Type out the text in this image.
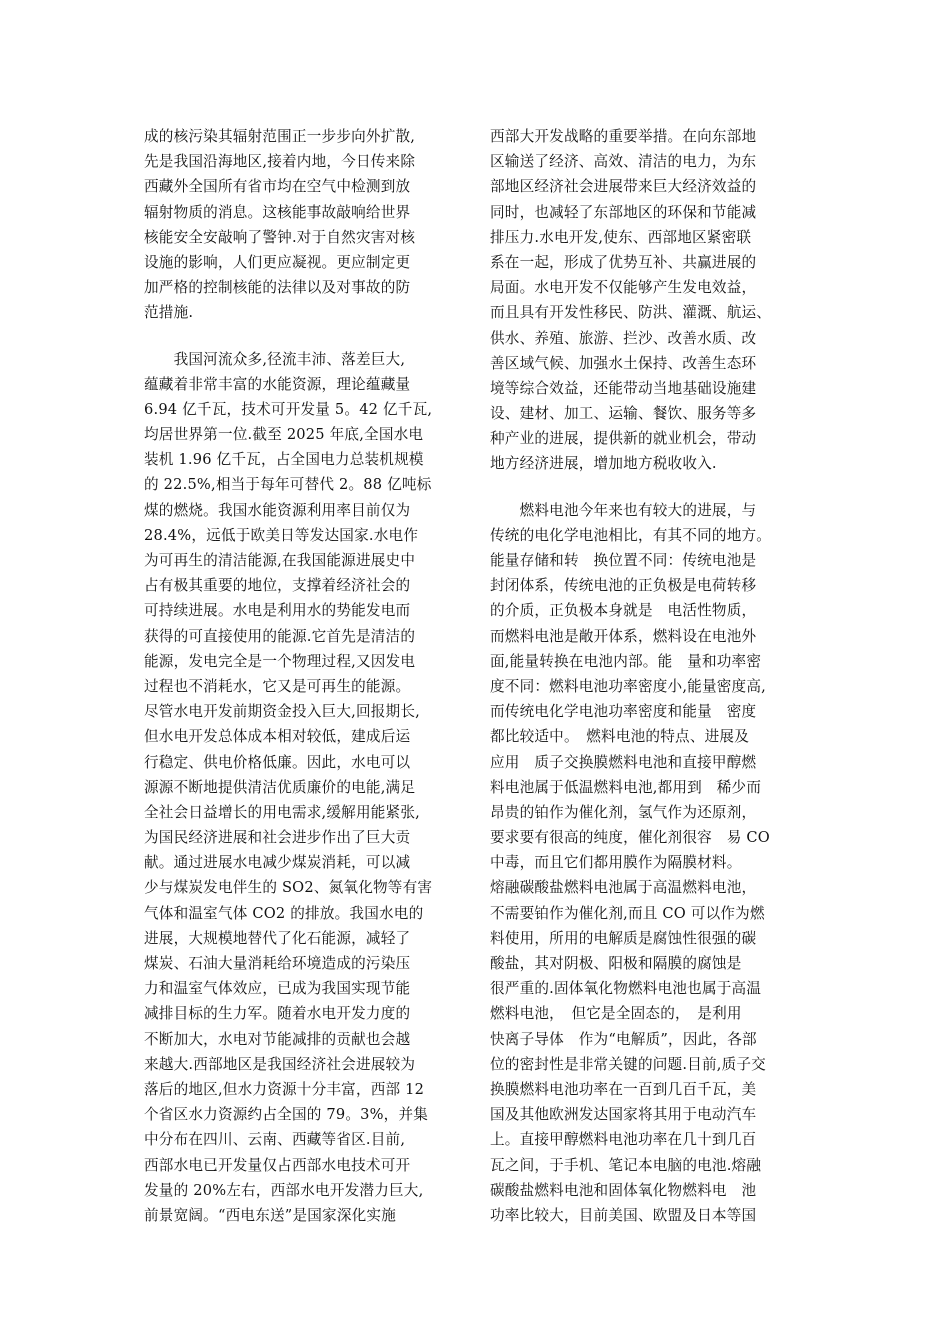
成的核污染其辐射范围正一步步向外扩散,
先是我国沿海地区,接着内地，今日传来除
西藏外全国所有省市均在空气中检测到放
辐射物质的消息。这核能事故敲响给世界
核能安全安敲响了警钟.对于自然灾害对核
设施的影响，人们更应凝视。更应制定更
加严格的控制核能的法律以及对事故的防
范措施.
　　我国河流众多,径流丰沛、落差巨大,
蕴藏着非常丰富的水能资源，理论蕴藏量
6.94 亿千瓦，技术可开发量 5。42 亿千瓦,
均居世界第一位.截至 2025 年底,全国水电
装机 1.96 亿千瓦，占全国电力总装机规模
的 22.5%,相当于每年可替代 2。88 亿吨标
煤的燃烧。我国水能资源利用率目前仅为
28.4%，远低于欧美日等发达国家.水电作
为可再生的清洁能源,在我国能源进展史中
占有极其重要的地位，支撑着经济社会的
可持续进展。水电是利用水的势能发电而
获得的可直接使用的能源.它首先是清洁的
能源，发电完全是一个物理过程,又因发电
过程也不消耗水，它又是可再生的能源。
尽管水电开发前期资金投入巨大,回报期长,
但水电开发总体成本相对较低，建成后运
行稳定、供电价格低廉。因此，水电可以
源源不断地提供清洁优质廉价的电能,满足
全社会日益增长的用电需求,缓解用能紧张,
为国民经济进展和社会进步作出了巨大贡
献。通过进展水电减少煤炭消耗，可以减
少与煤炭发电伴生的 SO2、氮氧化物等有害
气体和温室气体 CO2 的排放。我国水电的
进展，大规模地替代了化石能源，减轻了
煤炭、石油大量消耗给环境造成的污染压
力和温室气体效应，已成为我国实现节能
减排目标的生力军。随着水电开发力度的
不断加大，水电对节能减排的贡献也会越
来越大.西部地区是我国经济社会进展较为
落后的地区,但水力资源十分丰富，西部 12
个省区水力资源约占全国的 79。3%，并集
中分布在四川、云南、西藏等省区.目前,
西部水电已开发量仅占西部水电技术可开
发量的 20%左右，西部水电开发潜力巨大,
前景宽阔。“西电东送”是国家深化实施
西部大开发战略的重要举措。在向东部地
区输送了经济、高效、清洁的电力，为东
部地区经济社会进展带来巨大经济效益的
同时，也减轻了东部地区的环保和节能减
排压力.水电开发,使东、西部地区紧密联
系在一起，形成了优势互补、共赢进展的
局面。水电开发不仅能够产生发电效益，
而且具有开发性移民、防洪、灌溉、航运、
供水、养殖、旅游、拦沙、改善水质、改
善区域气候、加强水土保持、改善生态环
境等综合效益，还能带动当地基础设施建
设、建材、加工、运输、餐饮、服务等多
种产业的进展，提供新的就业机会，带动
地方经济进展，增加地方税收收入.
　　燃料电池今年来也有较大的进展，与
传统的电化学电池相比，有其不同的地方。
能量存储和转　换位置不同：传统电池是
封闭体系，传统电池的正负极是电荷转移
的介质，正负极本身就是　电活性物质，
而燃料电池是敞开体系，燃料设在电池外
面,能量转换在电池内部。能　量和功率密
度不同：燃料电池功率密度小,能量密度高,
而传统电化学电池功率密度和能量　密度
都比较适中。　燃料电池的特点、进展及
应用　质子交换膜燃料电池和直接甲醇燃
料电池属于低温燃料电池,都用到　稀少而
昂贵的铂作为催化剂，氢气作为还原剂，
要求要有很高的纯度，催化剂很容　易 CO
中毒，而且它们都用膜作为隔膜材料。
熔融碳酸盐燃料电池属于高温燃料电池，
不需要铂作为催化剂,而且 CO 可以作为燃
料使用，所用的电解质是腐蚀性很强的碳
酸盐，其对阴极、阳极和隔膜的腐蚀是
很严重的.固体氧化物燃料电池也属于高温
燃料电池，　但它是全固态的，　是利用
快离子导体　作为“电解质”，因此，各部
位的密封性是非常关键的问题.目前,质子交
换膜燃料电池功率在一百到几百千瓦，美
国及其他欧洲发达国家将其用于电动汽车
上。直接甲醇燃料电池功率在几十到几百
瓦之间，于手机、笔记本电脑的电池.熔融
碳酸盐燃料电池和固体氧化物燃料电　池
功率比较大，目前美国、欧盟及日本等国
